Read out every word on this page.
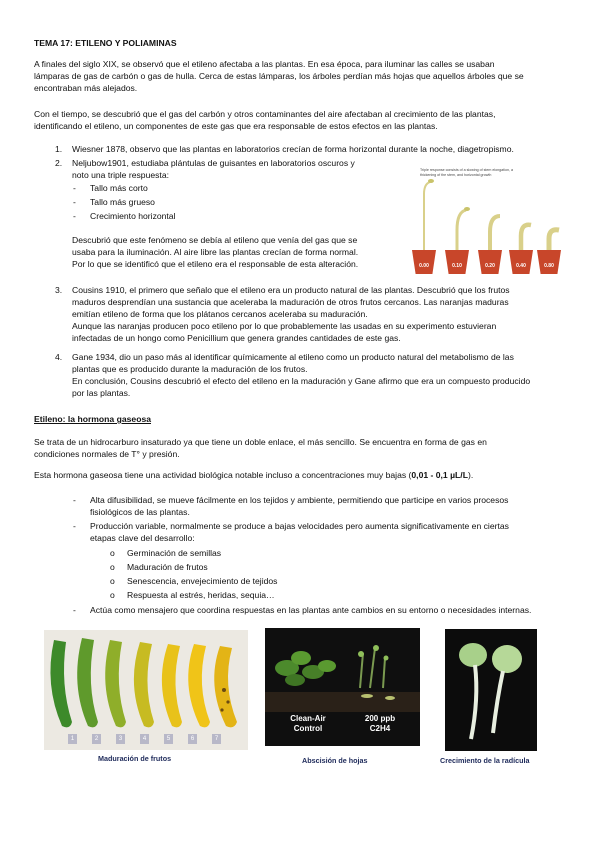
TEMA 17: ETILENO Y POLIAMINAS
A finales del siglo XIX, se observó que el etileno afectaba a las plantas. En esa época, para iluminar las calles se usaban
lámparas de gas de carbón o gas de hulla. Cerca de estas lámparas, los árboles perdían más hojas que aquellos árboles que se
encontraban más alejados.
Con el tiempo, se descubrió que el gas del carbón y otros contaminantes del aire afectaban al crecimiento de las plantas,
identificando el etileno, un componentes de este gas que era responsable de estos efectos en las plantas.
1. Wiesner 1878, observo que las plantas en laboratorios crecían de forma horizontal durante la noche, diagetropismo.
2. Neljubow1901, estudiaba plántulas de guisantes en laboratorios oscuros y
noto una triple respuesta:
- Tallo más corto
- Tallo más grueso
- Crecimiento horizontal
Descubrió que este fenómeno se debía al etileno que venía del gas que se
usaba para la iluminación. Al aire libre las plantas crecían de forma normal.
Por lo que se identificó que el etileno era el responsable de esta alteración.
Triple response consists of a slowing of stem elongation, a
thickening of the stem, and horizontal growth
0.00	0.10	0.20	0.40	0.80
3. Cousins 1910, el primero que señalo que el etileno era un producto natural de las plantas. Descubrió que los frutos
maduros desprendían una sustancia que aceleraba la maduración de otros frutos cercanos. Las naranjas maduras
emitían etileno de forma que los plátanos cercanos aceleraba su maduración.
Aunque las naranjas producen poco etileno por lo que probablemente las usadas en su experimento estuvieran
infectadas de un hongo como Penicillium que genera grandes cantidades de este gas.
4. Gane 1934, dio un paso más al identificar químicamente al etileno como un producto natural del metabolismo de las
plantas que es producido durante la maduración de los frutos.
En conclusión, Cousins descubrió el efecto del etileno en la maduración y Gane afirmo que era un compuesto producido
por las plantas.
Etileno: la hormona gaseosa
Se trata de un hidrocarburo insaturado ya que tiene un doble enlace, el más sencillo. Se encuentra en forma de gas en
condiciones normales de T° y presión.
Esta hormona gaseosa tiene una actividad biológica notable incluso a concentraciones muy bajas (0,01 - 0,1 µL/L).
- Alta difusibilidad, se mueve fácilmente en los tejidos y ambiente, permitiendo que participe en varios procesos
fisiológicos de las plantas.
- Producción variable, normalmente se produce a bajas velocidades pero aumenta significativamente en ciertas
etapas clave del desarrollo:
o Germinación de semillas
o Maduración de frutos
o Senescencia, envejecimiento de tejidos
o Respuesta al estrés, heridas, sequia…
- Actúa como mensajero que coordina respuestas en las plantas ante cambios en su entorno o necesidades internas.
1	2	3	4	5	6	7
Maduración de frutos
Clean-Air
Control
200 ppb
C2H4
Abscisión de hojas	Crecimiento de la radícula
